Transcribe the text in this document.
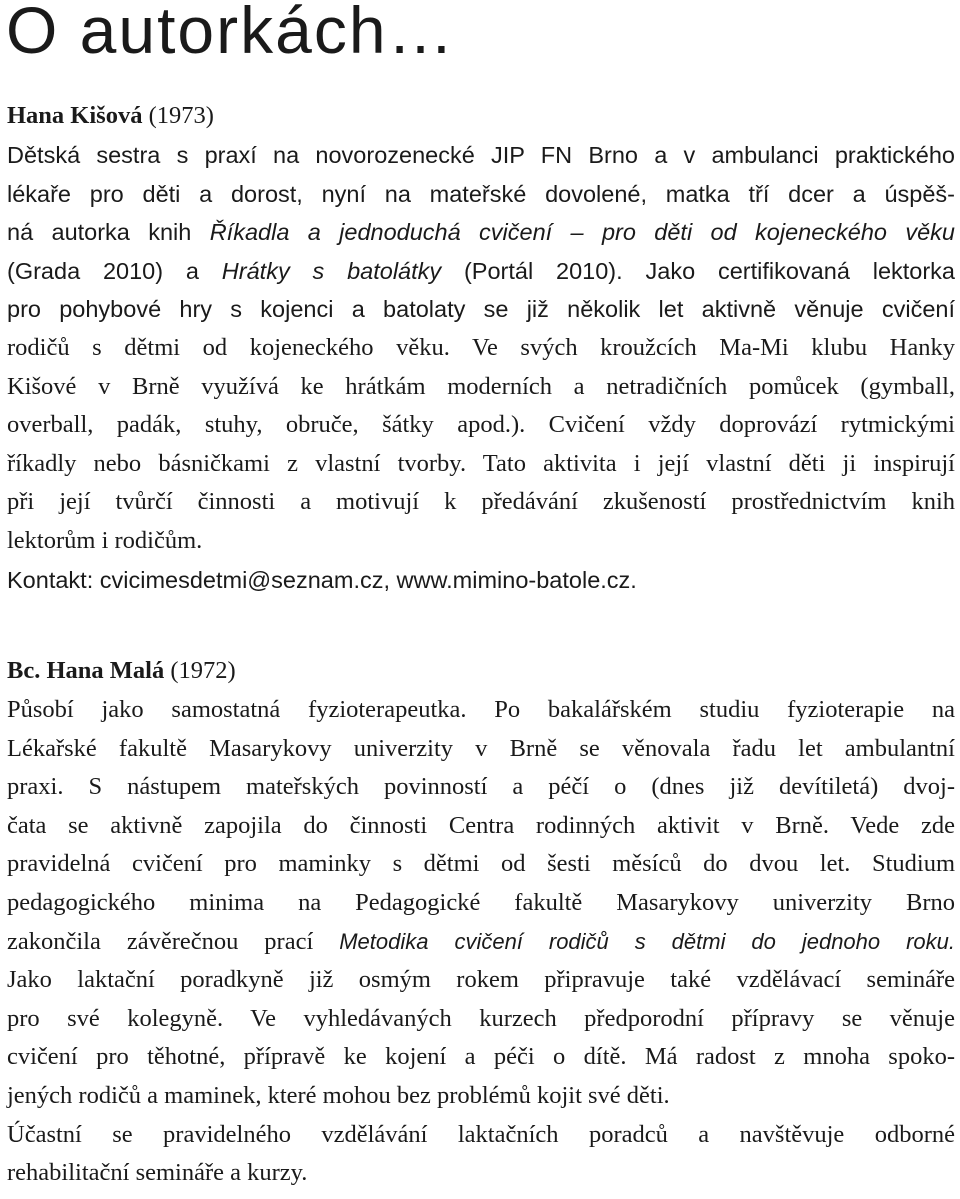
O autorkách…
Hana Kišová (1973)
Dětská sestra s praxí na novorozenecké JIP FN Brno a v ambulanci praktického
lékaře pro děti a dorost, nyní na mateřské dovolené, matka tří dcer a úspěš-
ná autorka knih Říkadla a jednoduchá cvičení – pro děti od kojeneckého věku
(Grada 2010) a Hrátky s batolátky (Portál 2010). Jako certifikovaná lektorka
pro pohybové hry s kojenci a batolaty se již několik let aktivně věnuje cvičení
rodičů s dětmi od kojeneckého věku. Ve svých kroužcích Ma-Mi klubu Hanky
Kišové v Brně využívá ke hrátkám moderních a netradičních pomůcek (gymball,
overball, padák, stuhy, obruče, šátky apod.). Cvičení vždy doprovází rytmickými
říkadly nebo básničkami z vlastní tvorby. Tato aktivita i její vlastní děti ji inspirují
při její tvůrčí činnosti a motivují k předávání zkušeností prostřednictvím knih
lektorům i rodičům.
Kontakt: cvicimesdetmi@seznam.cz, www.mimino-batole.cz.
Bc. Hana Malá (1972)
Působí jako samostatná fyzioterapeutka. Po bakalářském studiu fyzioterapie na
Lékařské fakultě Masarykovy univerzity v Brně se věnovala řadu let ambulantní
praxi. S nástupem mateřských povinností a péčí o (dnes již devítiletá) dvoj-
čata se aktivně zapojila do činnosti Centra rodinných aktivit v Brně. Vede zde
pravidelná cvičení pro maminky s dětmi od šesti měsíců do dvou let. Studium
pedagogického minima na Pedagogické fakultě Masarykovy univerzity Brno
zakončila závěrečnou prací Metodika cvičení rodičů s dětmi do jednoho roku.
Jako laktační poradkyně již osmým rokem připravuje také vzdělávací semináře
pro své kolegyně. Ve vyhledávaných kurzech předporodní přípravy se věnuje
cvičení pro těhotné, přípravě ke kojení a péči o dítě. Má radost z mnoha spoko-
jených rodičů a maminek, které mohou bez problémů kojit své děti.
Účastní se pravidelného vzdělávání laktačních poradců a navštěvuje odborné
rehabilitační semináře a kurzy.
